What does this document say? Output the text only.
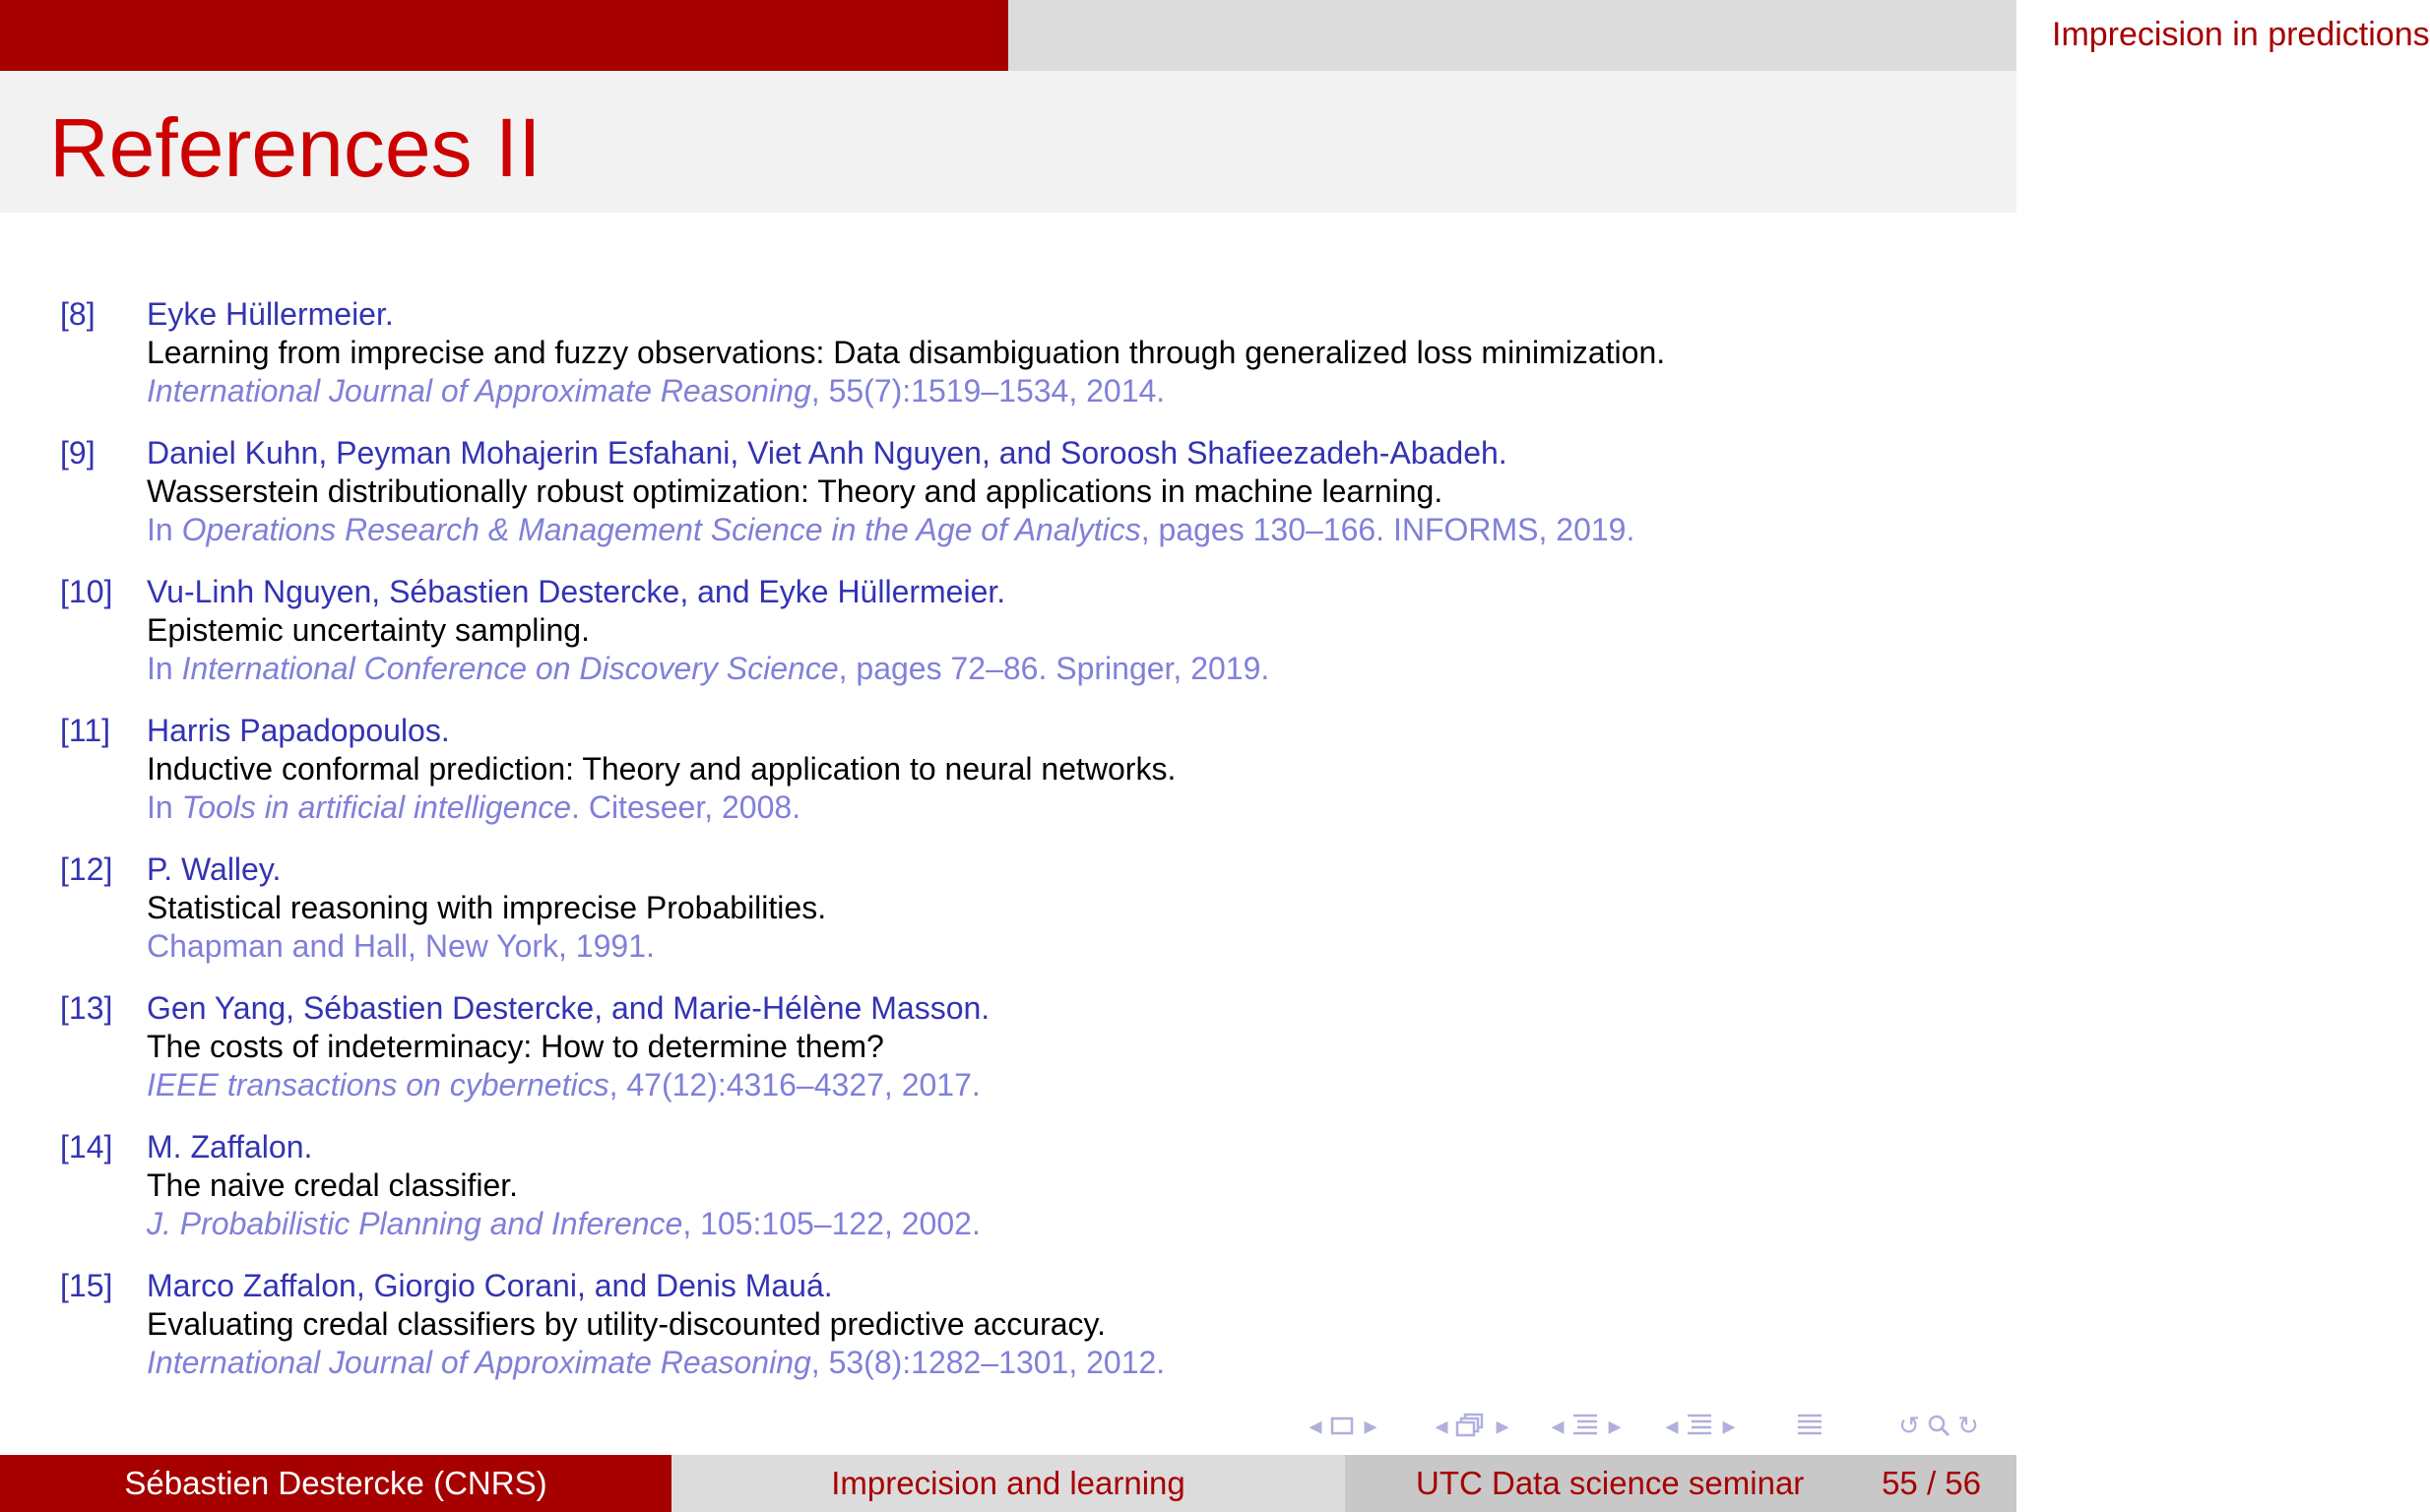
Imprecision in predictions
References II
[8] Eyke Hüllermeier.
Learning from imprecise and fuzzy observations: Data disambiguation through generalized loss minimization.
International Journal of Approximate Reasoning, 55(7):1519–1534, 2014.
[9] Daniel Kuhn, Peyman Mohajerin Esfahani, Viet Anh Nguyen, and Soroosh Shafieezadeh-Abadeh.
Wasserstein distributionally robust optimization: Theory and applications in machine learning.
In Operations Research & Management Science in the Age of Analytics, pages 130–166. INFORMS, 2019.
[10] Vu-Linh Nguyen, Sébastien Destercke, and Eyke Hüllermeier.
Epistemic uncertainty sampling.
In International Conference on Discovery Science, pages 72–86. Springer, 2019.
[11] Harris Papadopoulos.
Inductive conformal prediction: Theory and application to neural networks.
In Tools in artificial intelligence. Citeseer, 2008.
[12] P. Walley.
Statistical reasoning with imprecise Probabilities.
Chapman and Hall, New York, 1991.
[13] Gen Yang, Sébastien Destercke, and Marie-Hélène Masson.
The costs of indeterminacy: How to determine them?
IEEE transactions on cybernetics, 47(12):4316–4327, 2017.
[14] M. Zaffalon.
The naive credal classifier.
J. Probabilistic Planning and Inference, 105:105–122, 2002.
[15] Marco Zaffalon, Giorgio Corani, and Denis Mauá.
Evaluating credal classifiers by utility-discounted predictive accuracy.
International Journal of Approximate Reasoning, 53(8):1282–1301, 2012.
◂ ▸ ◂ ▸ ◂ ▸ ◂ ▸	↺ ↻
Sébastien Destercke (CNRS)	Imprecision and learning	UTC Data science seminar 55 / 56
